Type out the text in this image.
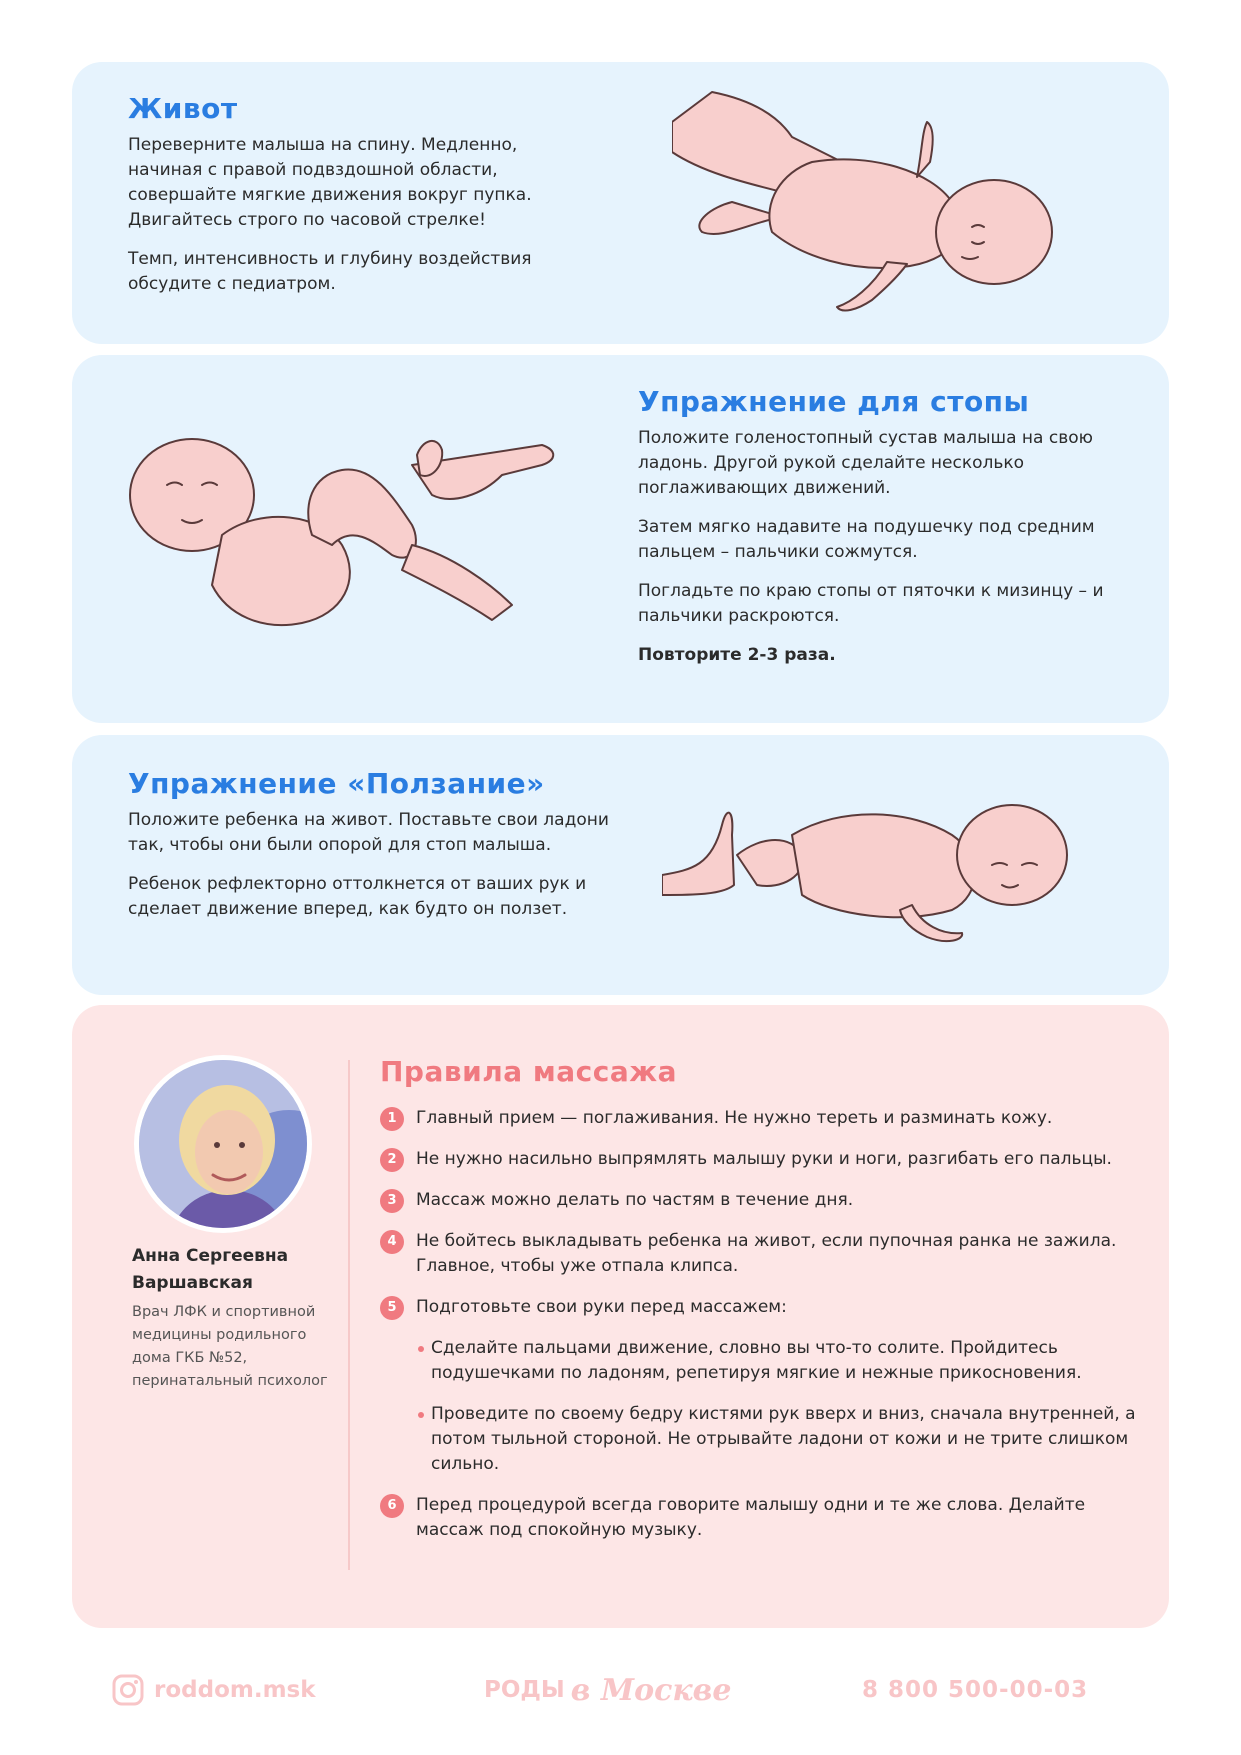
Живот

Переверните малыша на спину. Медленно, начиная с правой подвздошной области, совершайте мягкие движения вокруг пупка. Двигайтесь строго по часовой стрелке!

Темп, интенсивность и глубину воздействия обсудите с педиатром.

Упражнение для стопы

Положите голеностопный сустав малыша на свою ладонь. Другой рукой сделайте несколько поглаживающих движений.

Затем мягко надавите на подушечку под средним пальцем – пальчики сожмутся.

Погладьте по краю стопы от пяточки к мизинцу – и пальчики раскроются.

Повторите 2-3 раза.

Упражнение «Ползание»

Положите ребенка на живот. Поставьте свои ладони так, чтобы они были опорой для стоп малыша.

Ребенок рефлекторно оттолкнется от ваших рук и сделает движение вперед, как будто он ползет.

Анна Сергеевна Варшавская
Врач ЛФК и спортивной медицины родильного дома ГКБ №52, перинатальный психолог
Правила массажа
1	Главный прием — поглаживания. Не нужно тереть и разминать кожу.
2	Не нужно насильно выпрямлять малышу руки и ноги, разгибать его пальцы.
3	Массаж можно делать по частям в течение дня.
4	Не бойтесь выкладывать ребенка на живот, если пупочная ранка не зажила. Главное, чтобы уже отпала клипса.
5	Подготовьте свои руки перед массажем:
Сделайте пальцами движение, словно вы что-то солите. Пройдитесь подушечками по ладоням, репетируя мягкие и нежные прикосновения.
Проведите по своему бедру кистями рук вверх и вниз, сначала внутренней, а потом тыльной стороной. Не отрывайте ладони от кожи и не трите слишком сильно.
6	Перед процедурой всегда говорите малышу одни и те же слова. Делайте массаж под спокойную музыку.
roddom.msk	РОДЫ в Москве	8 800 500-00-03
